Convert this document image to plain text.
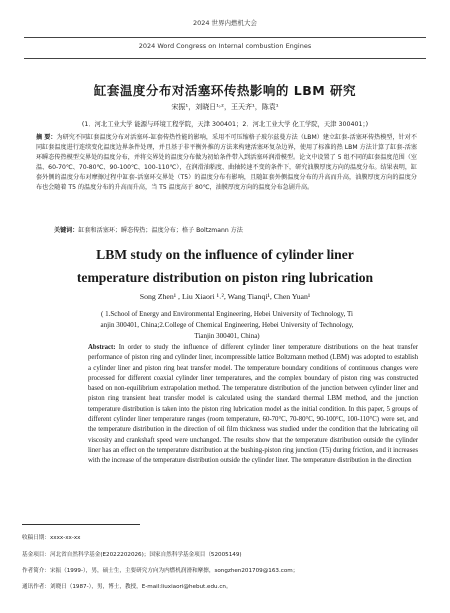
2024 世界内燃机大会
2024 Word Congress on Internal combustion Engines
缸套温度分布对活塞环传热影响的 LBM 研究
宋振¹，刘晓日¹˒²，王天齐¹，陈袁¹
(1．河北工业大学 能源与环境工程学院，天津 300401；2．河北工业大学 化工学院，天津 300401；)
摘 要：为研究不同缸套温度分布对活塞环-缸套传热性能的影响，采用不可压缩格子玻尔兹曼方法（LBM）建立缸套-活塞环传热模型，针对不同缸套温度进行连续变化温度边界条件处理，并且基于非平衡外推的方法来构建活塞环复杂边界，使用了标准的热 LBM 方法计算了缸套-活塞环瞬态传热模型交界处的温度分布，并将交界处的温度分布做为初始条件带入到活塞环润滑模型。论文中设置了 5 组不同的缸套温度范围（室温、60-70℃、70-80℃、90-100℃、100-110℃），在润滑油粘度、曲轴转速不变的条件下，研究油膜厚度方向的温度分布。结果表明，缸套外侧的温度分布对摩擦过程中缸套-活塞环交界处（T5）的温度分布有影响，且随缸套外侧温度分布的升高而升高，油膜厚度方向的温度分布也会随着 T5 的温度分布的升高而升高，当 T5 温度高于 80℃，油膜厚度方向的温度分布急剧升高。
关键词：缸套和活塞环；瞬态传热；温度分布；格子 Boltzmann 方法
LBM study on the influence of cylinder liner
temperature distribution on piston ring lubrication
Song Zhen¹ , Liu Xiaori ¹˒², Wang Tianqi¹, Chen Yuan¹
( 1.School of Energy and Environmental Engineering, Hebei University of Technology, Ti
anjin 300401, China;2.College of Chemical Engineering, Hebei University of Technology,
Tianjin 300401, China)
Abstract: In order to study the influence of different cylinder liner temperature distributions on the heat transfer performance of piston ring and cylinder liner, incompressible lattice Boltzmann method (LBM) was adopted to establish a cylinder liner and piston ring heat transfer model. The temperature boundary conditions of continuous changes were processed for different coaxial cylinder liner temperatures, and the complex boundary of piston ring was constructed based on non-equilibrium extrapolation method. The temperature distribution of the junction between cylinder liner and piston ring transient heat transfer model is calculated using the standard thermal LBM method, and the junction temperature distribution is taken into the piston ring lubrication model as the initial condition. In this paper, 5 groups of different cylinder liner temperature ranges (room temperature, 60-70°C, 70-80°C, 90-100°C, 100-110°C) were set, and the temperature distribution in the direction of oil film thickness was studied under the condition that the lubricating oil viscosity and crankshaft speed were unchanged. The results show that the temperature distribution outside the cylinder liner has an effect on the temperature distribution at the bushing-piston ring junction (T5) during friction, and it increases with the increase of the temperature distribution outside the cylinder liner. The temperature distribution in the direction
收稿日期：xxxx-xx-xx
基金项目：河北省自然科学基金(E2022202026)；国家自然科学基金项目（52005149)
作者简介：宋振（1999-），男，硕士生，主要研究方向为内燃机润滑和摩擦，songzhen201709@163.com；
通讯作者：刘晓日（1987-），男，博士，教授，E-mail:liuxiaori@hebut.edu.cn。
